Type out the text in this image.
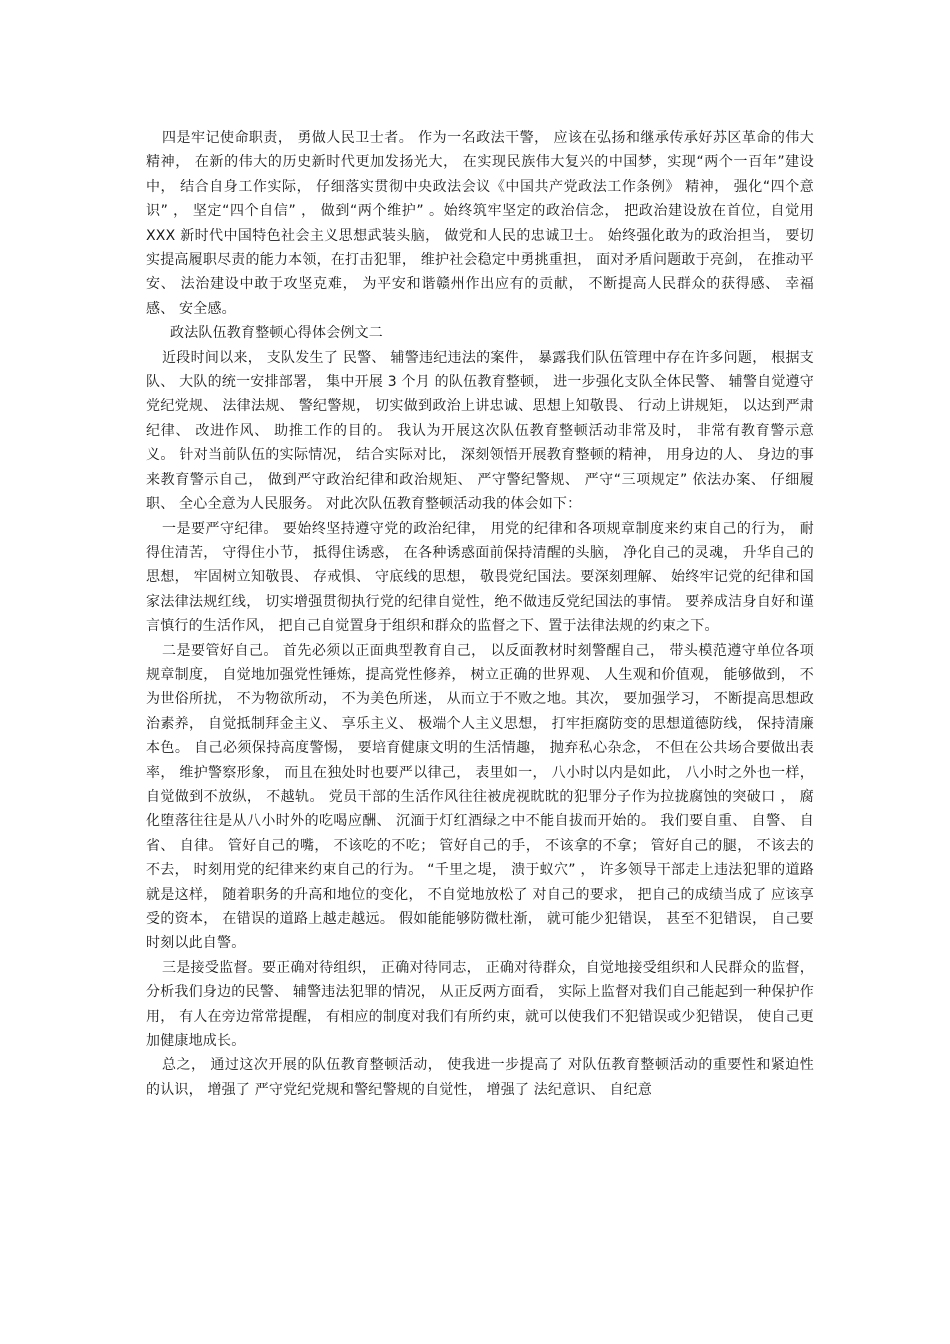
四是牢记使命职责， 勇做人民卫士者。 作为一名政法干警， 应该在弘扬和继承传承好苏区革命的伟大精神， 在新的伟大的历史新时代更加发扬光大， 在实现民族伟大复兴的中国梦，实现“两个一百年”建设中， 结合自身工作实际， 仔细落实贯彻中央政法会议《中国共产党政法工作条例》 精神， 强化“四个意识” ， 坚定“四个自信” ， 做到“两个维护” 。始终筑牢坚定的政治信念， 把政治建设放在首位，自觉用 XXX 新时代中国特色社会主义思想武装头脑， 做党和人民的忠诚卫士。 始终强化敢为的政治担当， 要切实提高履职尽责的能力本领，在打击犯罪， 维护社会稳定中勇挑重担， 面对矛盾问题敢于亮剑， 在推动平安、 法治建设中敢于攻坚克难， 为平安和谐赣州作出应有的贡献， 不断提高人民群众的获得感、 幸福感、 安全感。

政法队伍教育整顿心得体会例文二

近段时间以来， 支队发生了 民警、 辅警违纪违法的案件， 暴露我们队伍管理中存在许多问题， 根据支队、 大队的统一安排部署， 集中开展 3 个月 的队伍教育整顿， 进一步强化支队全体民警、 辅警自觉遵守党纪党规、 法律法规、 警纪警规， 切实做到政治上讲忠诚、思想上知敬畏、 行动上讲规矩， 以达到严肃纪律、 改进作风、 助推工作的目的。 我认为开展这次队伍教育整顿活动非常及时， 非常有教育警示意义。 针对当前队伍的实际情况， 结合实际对比， 深刻领悟开展教育整顿的精神， 用身边的人、 身边的事来教育警示自己， 做到严守政治纪律和政治规矩、 严守警纪警规、 严守“三项规定” 依法办案、 仔细履职、 全心全意为人民服务。 对此次队伍教育整顿活动我的体会如下：

一是要严守纪律。 要始终坚持遵守党的政治纪律， 用党的纪律和各项规章制度来约束自己的行为， 耐得住清苦， 守得住小节， 抵得住诱惑， 在各种诱惑面前保持清醒的头脑， 净化自己的灵魂， 升华自己的思想， 牢固树立知敬畏、 存戒惧、 守底线的思想， 敬畏党纪国法。要深刻理解、 始终牢记党的纪律和国家法律法规红线， 切实增强贯彻执行党的纪律自觉性，绝不做违反党纪国法的事情。 要养成洁身自好和谨言慎行的生活作风， 把自己自觉置身于组织和群众的监督之下、置于法律法规的约束之下。

二是要管好自己。 首先必须以正面典型教育自己， 以反面教材时刻警醒自己， 带头模范遵守单位各项规章制度， 自觉地加强党性锤炼，提高党性修养， 树立正确的世界观、 人生观和价值观， 能够做到， 不为世俗所扰， 不为物欲所动， 不为美色所迷， 从而立于不败之地。其次， 要加强学习， 不断提高思想政治素养， 自觉抵制拜金主义、 享乐主义、 极端个人主义思想， 打牢拒腐防变的思想道德防线， 保持清廉本色。 自己必须保持高度警惕， 要培育健康文明的生活情趣， 抛弃私心杂念， 不但在公共场合要做出表率， 维护警察形象， 而且在独处时也要严以律己， 表里如一， 八小时以内是如此， 八小时之外也一样，自觉做到不放纵， 不越轨。 党员干部的生活作风往往被虎视眈眈的犯罪分子作为拉拢腐蚀的突破口 ， 腐化堕落往往是从八小时外的吃喝应酬、 沉湎于灯红酒绿之中不能自拔而开始的。 我们要自重、 自警、 自省、 自律。 管好自己的嘴， 不该吃的不吃； 管好自己的手， 不该拿的不拿； 管好自己的腿， 不该去的不去， 时刻用党的纪律来约束自己的行为。 “千里之堤， 溃于蚁穴” ， 许多领导干部走上违法犯罪的道路就是这样， 随着职务的升高和地位的变化， 不自觉地放松了 对自己的要求， 把自己的成绩当成了 应该享受的资本， 在错误的道路上越走越远。 假如能能够防微杜渐， 就可能少犯错误， 甚至不犯错误， 自己要时刻以此自警。

三是接受监督。要正确对待组织， 正确对待同志， 正确对待群众，自觉地接受组织和人民群众的监督， 分析我们身边的民警、 辅警违法犯罪的情况， 从正反两方面看， 实际上监督对我们自己能起到一种保护作用， 有人在旁边常常提醒， 有相应的制度对我们有所约束，就可以使我们不犯错误或少犯错误， 使自己更加健康地成长。

总之， 通过这次开展的队伍教育整顿活动， 使我进一步提高了 对队伍教育整顿活动的重要性和紧迫性的认识， 增强了 严守党纪党规和警纪警规的自觉性， 增强了 法纪意识、 自纪意
